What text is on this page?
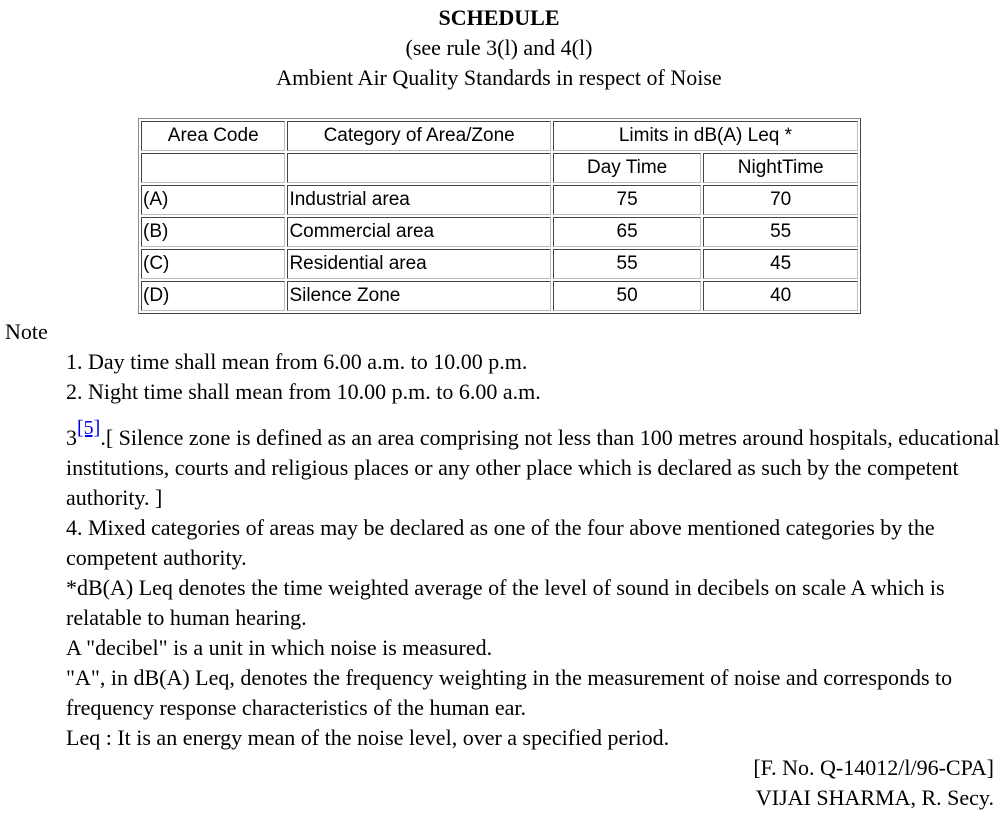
SCHEDULE
(see rule 3(l) and 4(l)
Ambient Air Quality Standards in respect of Noise
Area Code	Category of Area/Zone	Limits in dB(A) Leq *	
		Day Time	NightTime
(A)	Industrial area	75	70
(B)	Commercial area	65	55
(C)	Residential area	55	45
(D)	Silence Zone	50	40
Note

1. Day time shall mean from 6.00 a.m. to 10.00 p.m.

2. Night time shall mean from 10.00 p.m. to 6.00 a.m.

3[5].[ Silence zone is defined as an area comprising not less than 100 metres around hospitals, educational institutions, courts and religious places or any other place which is declared as such by the competent authority. ]

4. Mixed categories of areas may be declared as one of the four above mentioned categories by the competent authority.

*dB(A) Leq denotes the time weighted average of the level of sound in decibels on scale A which is relatable to human hearing.

A "decibel" is a unit in which noise is measured.

"A", in dB(A) Leq, denotes the frequency weighting in the measurement of noise and corresponds to frequency response characteristics of the human ear.

Leq : It is an energy mean of the noise level, over a specified period.

[F. No. Q-14012/l/96-CPA]
VIJAI SHARMA, R. Secy.
